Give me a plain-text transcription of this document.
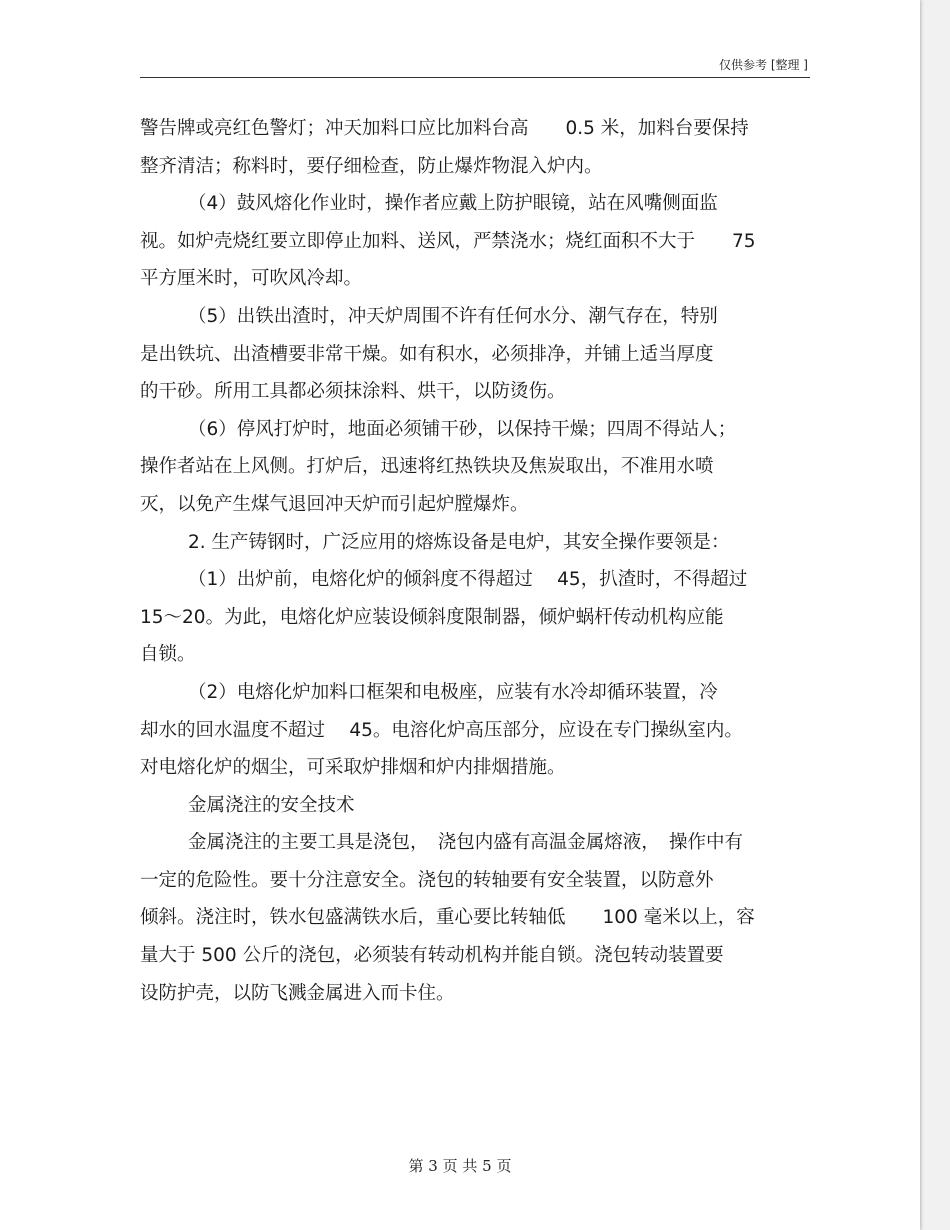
仅供参考 [整理 ]
警告牌或亮红色警灯；冲天加料口应比加料台高　　0.5 米，加料台要保持
整齐清洁；称料时，要仔细检查，防止爆炸物混入炉内。
（4）鼓风熔化作业时，操作者应戴上防护眼镜，站在风嘴侧面监
视。如炉壳烧红要立即停止加料、送风，严禁浇水；烧红面积不大于　　75
平方厘米时，可吹风冷却。
（5）出铁出渣时，冲天炉周围不许有任何水分、潮气存在，特别
是出铁坑、出渣槽要非常干燥。如有积水，必须排净，并铺上适当厚度
的干砂。所用工具都必须抹涂料、烘干，以防烫伤。
（6）停风打炉时，地面必须铺干砂，以保持干燥；四周不得站人；
操作者站在上风侧。打炉后，迅速将红热铁块及焦炭取出，不准用水喷
灭，以免产生煤气退回冲天炉而引起炉膛爆炸。
2. 生产铸钢时，广泛应用的熔炼设备是电炉，其安全操作要领是：
（1）出炉前，电熔化炉的倾斜度不得超过　 45，扒渣时，不得超过
15～20。为此，电熔化炉应装设倾斜度限制器，倾炉蜗杆传动机构应能
自锁。
（2）电熔化炉加料口框架和电极座，应装有水冷却循环装置，冷
却水的回水温度不超过　 45。电溶化炉高压部分，应设在专门操纵室内。
对电熔化炉的烟尘，可采取炉排烟和炉内排烟措施。
金属浇注的安全技术
金属浇注的主要工具是浇包，　浇包内盛有高温金属熔液，　操作中有
一定的危险性。要十分注意安全。浇包的转轴要有安全装置，以防意外
倾斜。浇注时，铁水包盛满铁水后，重心要比转轴低　　100 毫米以上，容
量大于 500 公斤的浇包，必须装有转动机构并能自锁。浇包转动装置要
设防护壳，以防飞溅金属进入而卡住。
第 3 页 共 5 页
